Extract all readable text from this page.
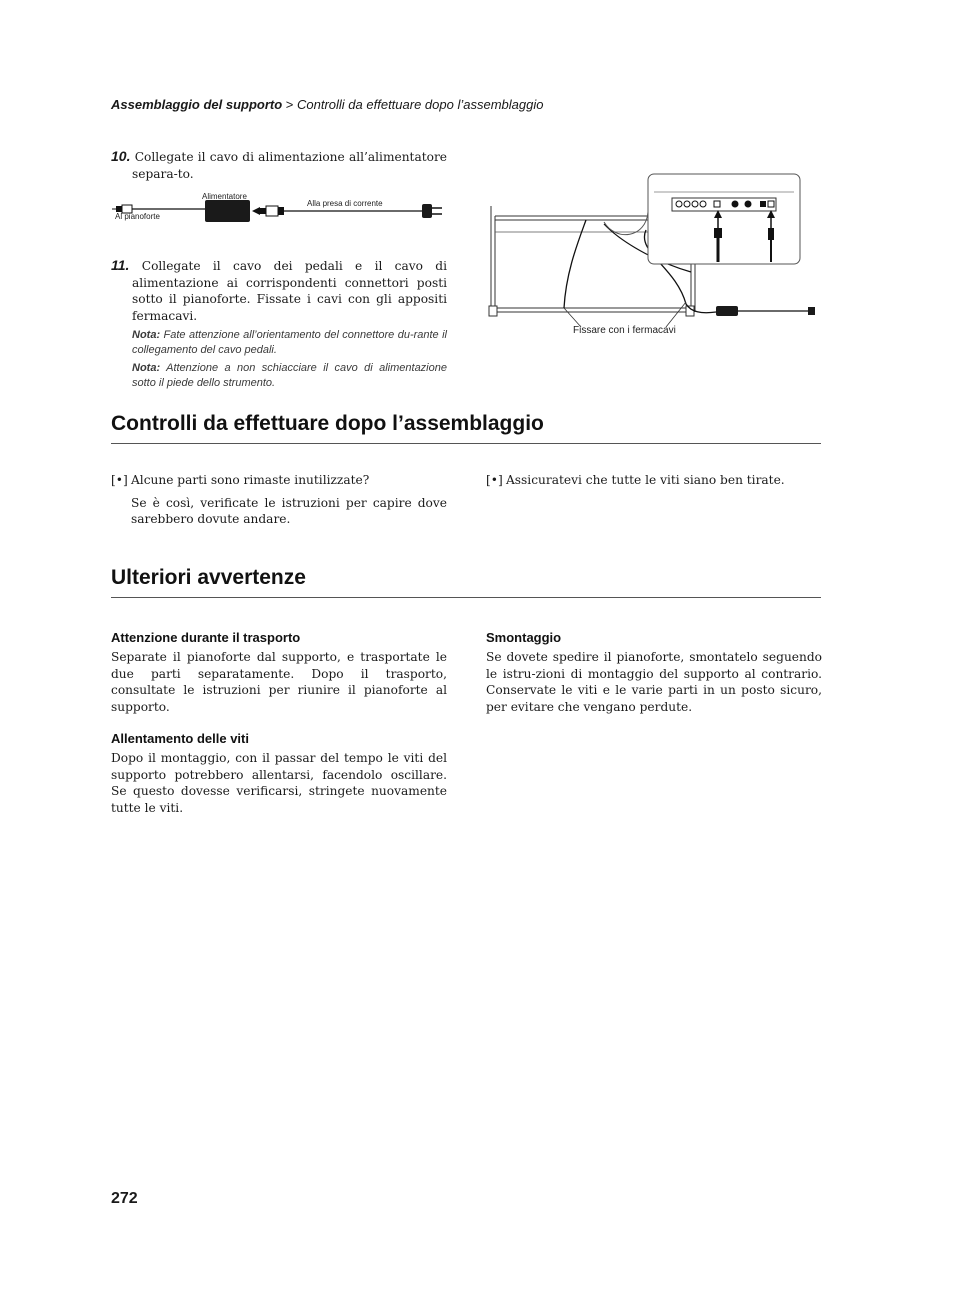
Assemblaggio del supporto > Controlli da effettuare dopo l’assemblaggio
10. Collegate il cavo di alimentazione all’alimentatore separa-to.
Alimentatore
Al pianoforte
Alla presa di corrente
11. Collegate il cavo dei pedali e il cavo di alimentazione ai corrispondenti connettori posti sotto il pianoforte. Fissate i cavi con gli appositi fermacavi.
Nota: Fate attenzione all’orientamento del connettore du-rante il collegamento del cavo pedali.
Nota: Attenzione a non schiacciare il cavo di alimentazione sotto il piede dello strumento.
Fissare con i fermacavi
Controlli da effettuare dopo l’assemblaggio
[•] Alcune parti sono rimaste inutilizzate?
Se è così, verificate le istruzioni per capire dove sarebbero dovute andare.
[•] Assicuratevi che tutte le viti siano ben tirate.
Ulteriori avvertenze
Attenzione durante il trasporto
Separate il pianoforte dal supporto, e trasportate le due parti separatamente. Dopo il trasporto, consultate le istruzioni per riunire il pianoforte al supporto.
Allentamento delle viti
Dopo il montaggio, con il passar del tempo le viti del supporto potrebbero allentarsi, facendolo oscillare. Se questo dovesse verificarsi, stringete nuovamente tutte le viti.
Smontaggio
Se dovete spedire il pianoforte, smontatelo seguendo le istru-zioni di montaggio del supporto al contrario. Conservate le viti e le varie parti in un posto sicuro, per evitare che vengano perdute.
272
